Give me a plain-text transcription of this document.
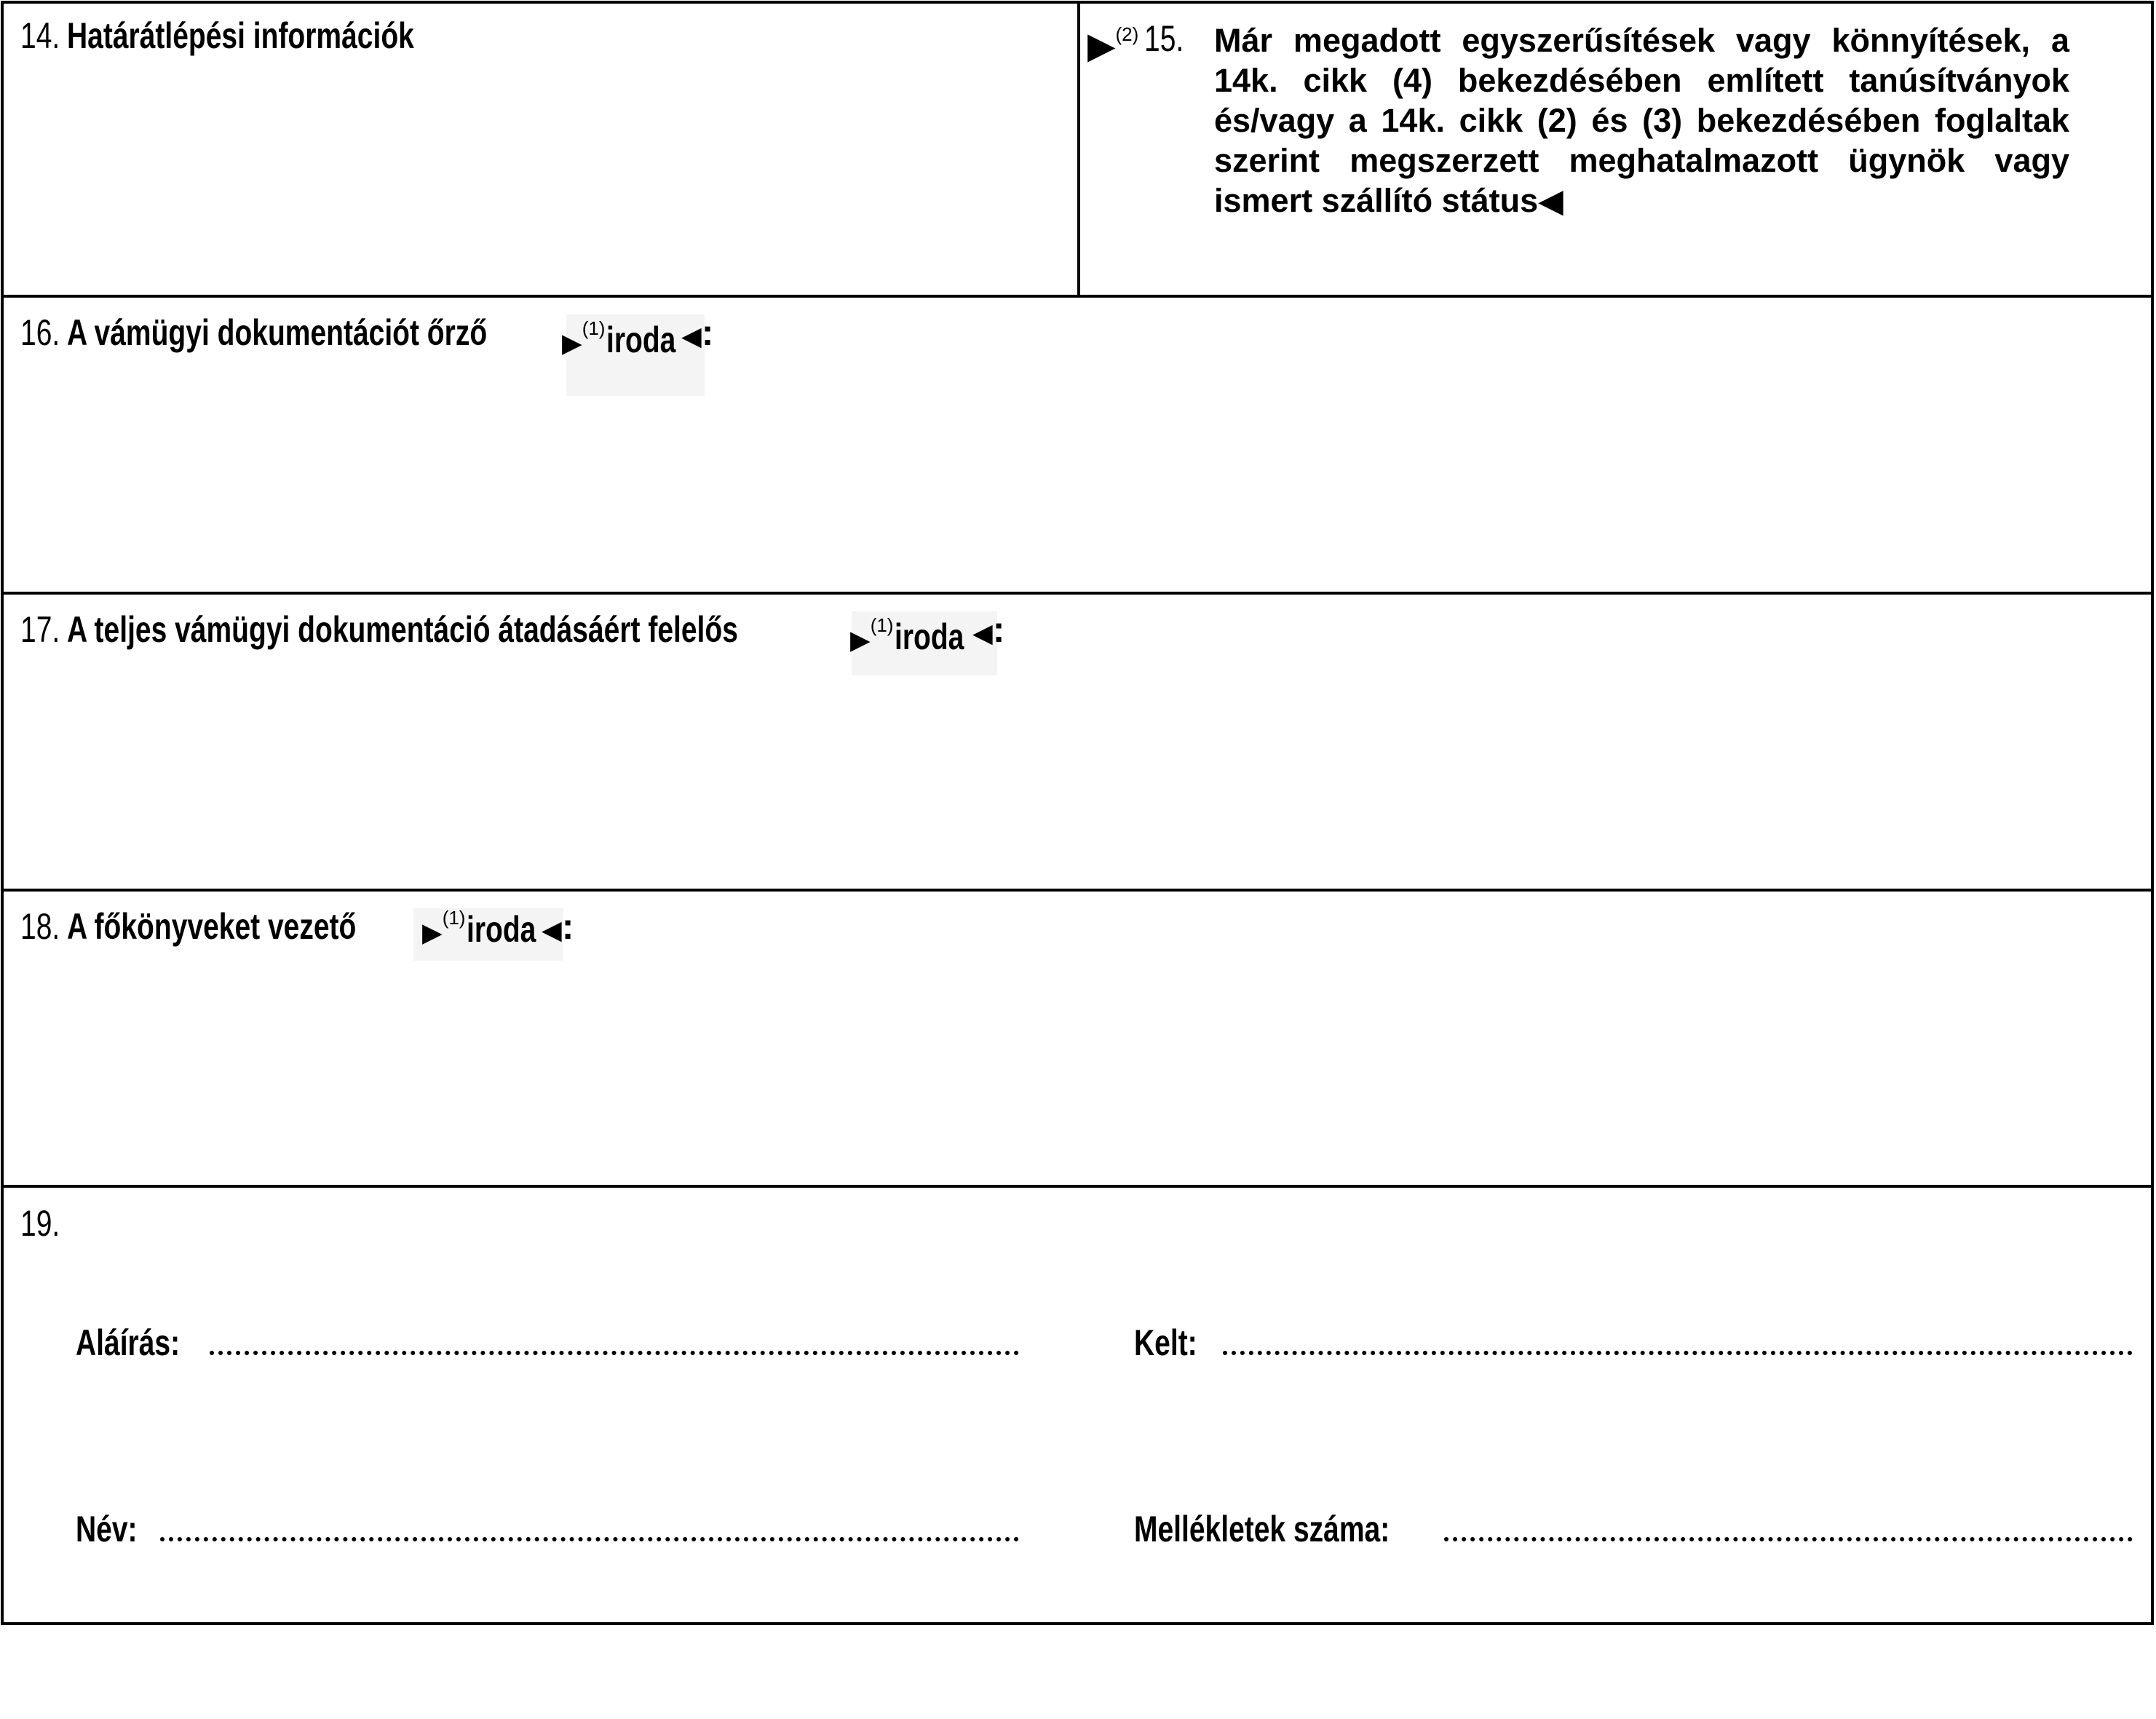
14. Határátlépési információk	▶$^{(2)}$ 15. Már megadott egyszerűsítések vagy könnyítések, a 14k. cikk (4) bekezdésében említett tanúsítványok és/vagy a 14k. cikk (2) és (3) bekezdésében foglaltak szerint megszerzett meghatalmazott ügynök vagy ismert szállító státus◀
16. A vámügyi dokumentációt őrző	▶$^{(1)}$iroda ◀:
17. A teljes vámügyi dokumentáció átadásáért felelős	▶$^{(1)}$iroda ◀:
18. A főkönyveket vezető	▶$^{(1)}$iroda ◀:
19.
Aláírás:	Kelt:
Név:	Mellékletek száma:
